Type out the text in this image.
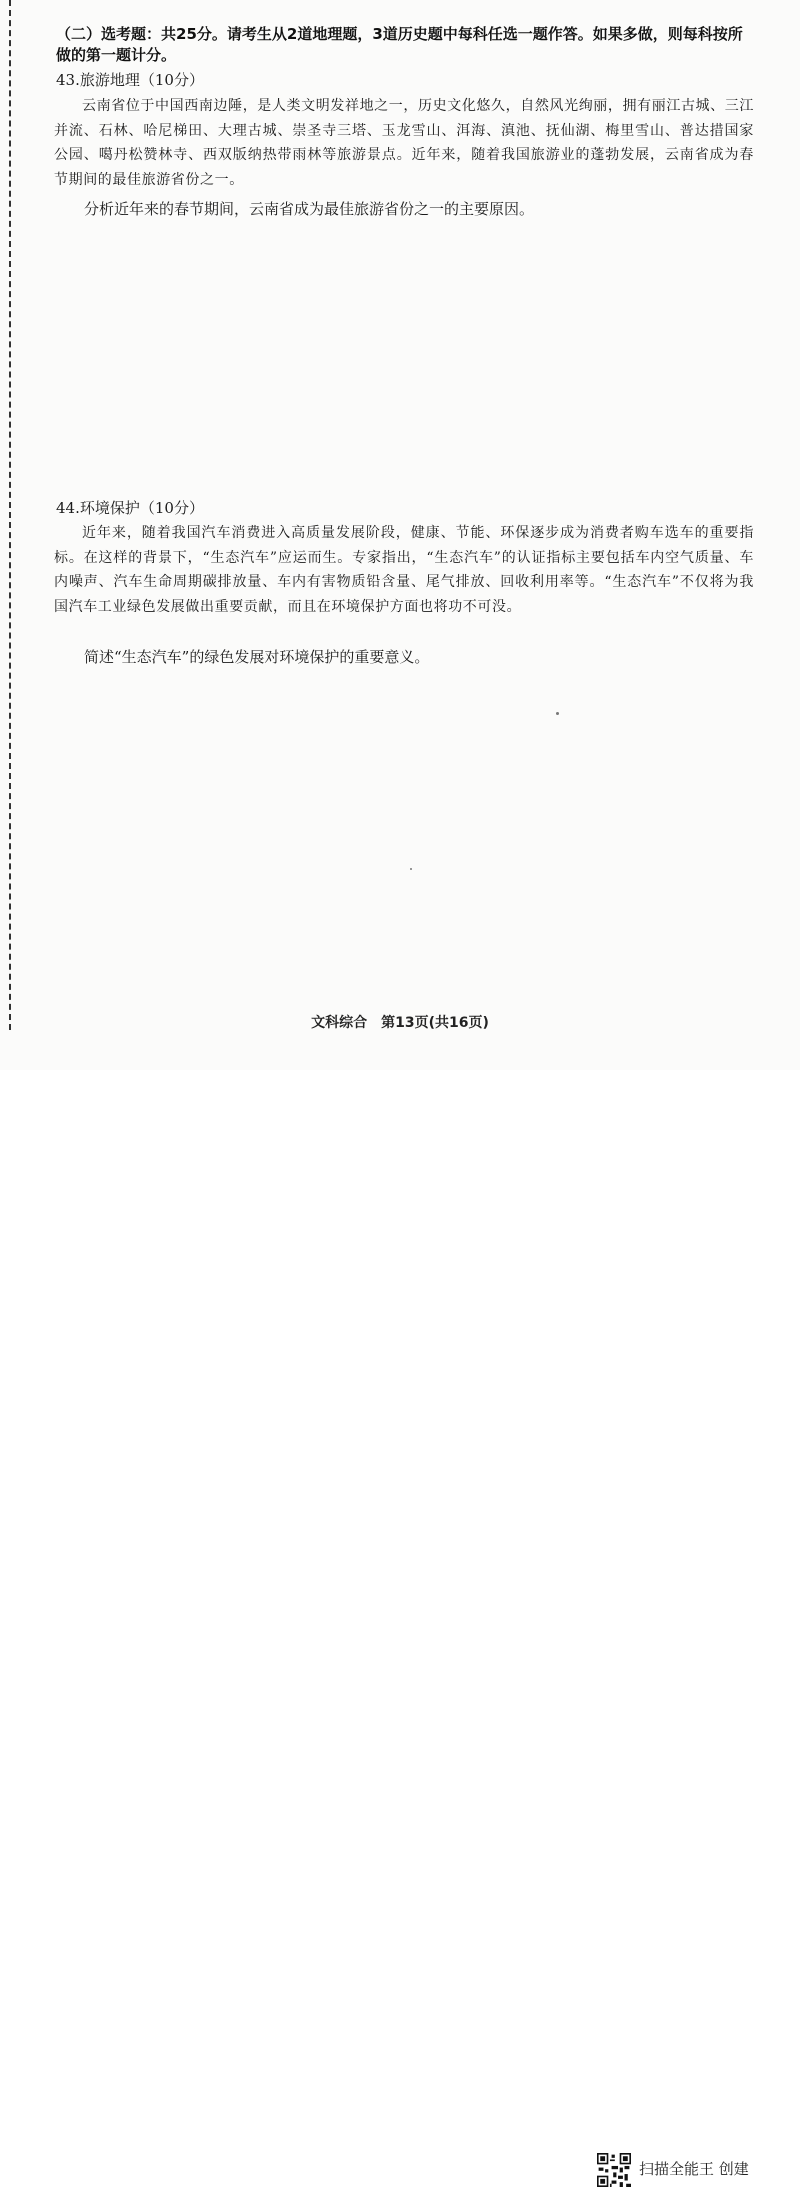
（二）选考题：共25分。请考生从2道地理题，3道历史题中每科任选一题作答。如果多做，则每科按所做的第一题计分。
43.旅游地理（10分）

云南省位于中国西南边陲，是人类文明发祥地之一，历史文化悠久，自然风光绚丽，拥有丽江古城、三江并流、石林、哈尼梯田、大理古城、崇圣寺三塔、玉龙雪山、洱海、滇池、抚仙湖、梅里雪山、普达措国家公园、噶丹松赞林寺、西双版纳热带雨林等旅游景点。近年来，随着我国旅游业的蓬勃发展，云南省成为春节期间的最佳旅游省份之一。

分析近年来的春节期间，云南省成为最佳旅游省份之一的主要原因。

44.环境保护（10分）

近年来，随着我国汽车消费进入高质量发展阶段，健康、节能、环保逐步成为消费者购车选车的重要指标。在这样的背景下，“生态汽车”应运而生。专家指出，“生态汽车”的认证指标主要包括车内空气质量、车内噪声、汽车生命周期碳排放量、车内有害物质铅含量、尾气排放、回收利用率等。“生态汽车”不仅将为我国汽车工业绿色发展做出重要贡献，而且在环境保护方面也将功不可没。

简述“生态汽车”的绿色发展对环境保护的重要意义。

文科综合　第13页(共16页)
扫描全能王 创建
